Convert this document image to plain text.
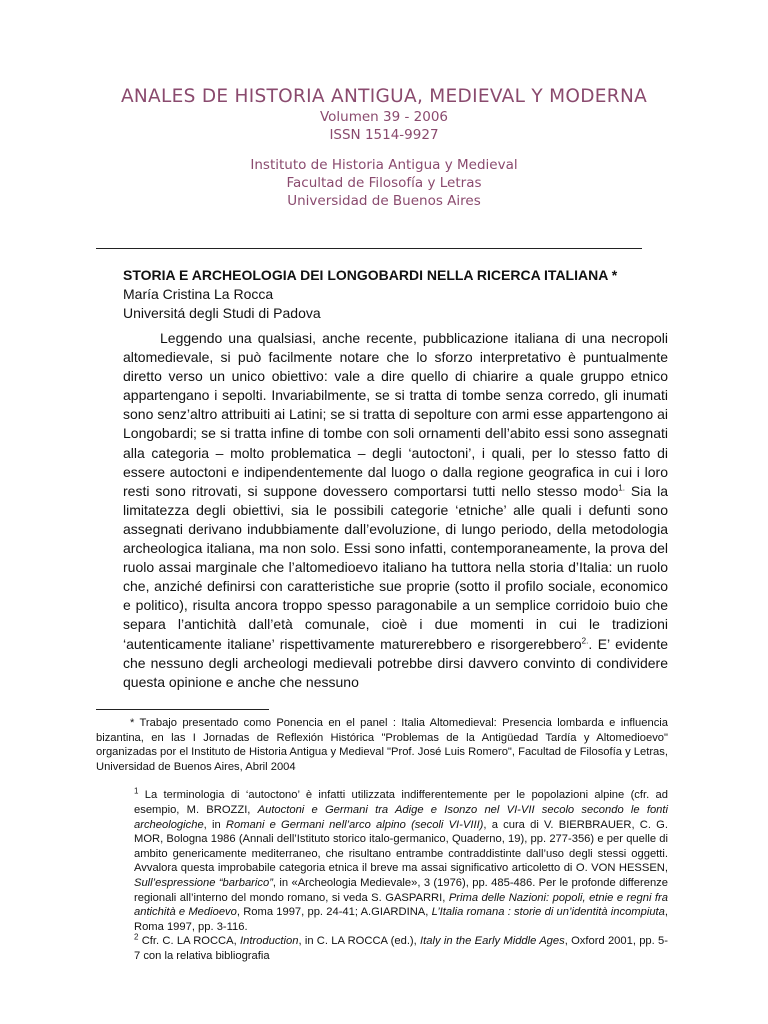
ANALES DE HISTORIA ANTIGUA, MEDIEVAL Y MODERNA
Volumen 39 - 2006
ISSN 1514-9927
Instituto de Historia Antigua y Medieval
Facultad de Filosofía y Letras
Universidad de Buenos Aires

STORIA E ARCHEOLOGIA DEI LONGOBARDI NELLA RICERCA ITALIANA *

María Cristina La Rocca

Universitá degli Studi di Padova

Leggendo una qualsiasi, anche recente, pubblicazione italiana di una necropoli altomedievale, si può facilmente notare che lo sforzo interpretativo è puntualmente diretto verso un unico obiettivo: vale a dire quello di chiarire a quale gruppo etnico appartengano i sepolti. Invariabilmente, se si tratta di tombe senza corredo, gli inumati sono senz’altro attribuiti ai Latini; se si tratta di sepolture con armi esse appartengono ai Longobardi; se si tratta infine di tombe con soli ornamenti dell’abito essi sono assegnati alla categoria – molto problematica – degli ‘autoctoni’, i quali, per lo stesso fatto di essere autoctoni e indipendentemente dal luogo o dalla regione geografica in cui i loro resti sono ritrovati, si suppone dovessero comportarsi tutti nello stesso modo$^{1.}$ Sia la limitatezza degli obiettivi, sia le possibili categorie ‘etniche’ alle quali i defunti sono assegnati derivano indubbiamente dall’evoluzione, di lungo periodo, della metodologia archeologica italiana, ma non solo. Essi sono infatti, contemporaneamente, la prova del ruolo assai marginale che l’altomedioevo italiano ha tuttora nella storia d’Italia: un ruolo che, anziché definirsi con caratteristiche sue proprie (sotto il profilo sociale, economico e politico), risulta ancora troppo spesso paragonabile a un semplice corridoio buio che separa l’antichità dall’età comunale, cioè i due momenti in cui le tradizioni ‘autenticamente italiane’ rispettivamente maturerebbero e risorgerebbero$^{2.}$. E’ evidente che nessuno degli archeologi medievali potrebbe dirsi davvero convinto di condividere questa opinione e anche che nessuno

* Trabajo presentado como Ponencia en el panel : Italia Altomedieval: Presencia lombarda e influencia bizantina, en las I Jornadas de Reflexión Histórica "Problemas de la Antigüedad Tardía y Altomedioevo" organizadas por el Instituto de Historia Antigua y Medieval "Prof. José Luis Romero", Facultad de Filosofía y Letras, Universidad de Buenos Aires, Abril 2004

$^1$ La terminologia di ‘autoctono’ è infatti utilizzata indifferentemente per le popolazioni alpine (cfr. ad esempio, M. BROZZI, Autoctoni e Germani tra Adige e Isonzo nel VI-VII secolo secondo le fonti archeologiche, in Romani e Germani nell’arco alpino (secoli VI-VIII), a cura di V. BIERBRAUER, C. G. MOR, Bologna 1986 (Annali dell’Istituto storico italo-germanico, Quaderno, 19), pp. 277-356) e per quelle di ambito genericamente mediterraneo, che risultano entrambe contraddistinte dall’uso degli stessi oggetti. Avvalora questa improbabile categoria etnica il breve ma assai significativo articoletto di O. VON HESSEN, Sull’espressione “barbarico”, in «Archeologia Medievale», 3 (1976), pp. 485-486. Per le profonde differenze regionali all’interno del mondo romano, si veda S. GASPARRI, Prima delle Nazioni: popoli, etnie e regni fra antichità e Medioevo, Roma 1997, pp. 24-41; A.GIARDINA, L’Italia romana : storie di un’identità incompiuta, Roma 1997, pp. 3-116.

$^2$ Cfr. C. LA ROCCA, Introduction, in C. LA ROCCA (ed.), Italy in the Early Middle Ages, Oxford 2001, pp. 5-7 con la relativa bibliografia
